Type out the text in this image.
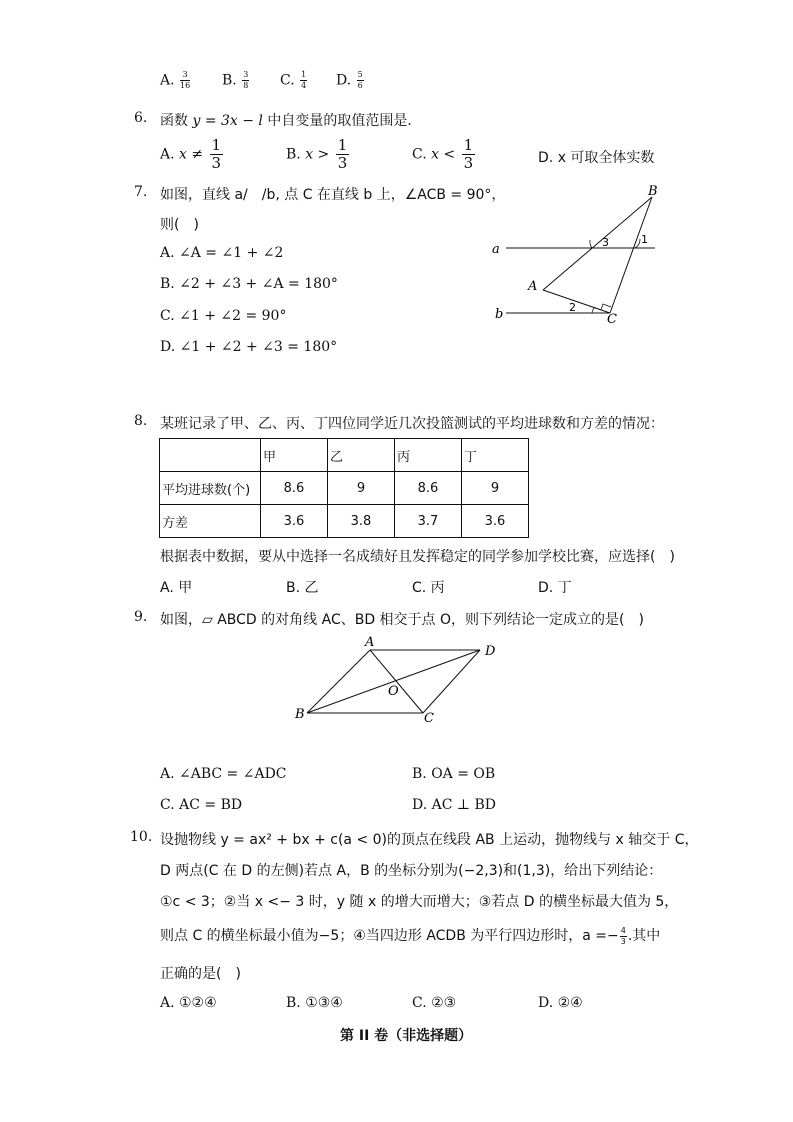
A. $\frac{3}{16} B$. $\frac{3}{8} C$. $\frac{1}{4} D$. $\frac{5}{6}$
6. 函数 y = 3x − l 中自变量的取值范围是．
A. $x \ne \frac{1}{3}$	B. $x > \frac{1}{3}$	C. $x < \frac{1}{3}$	D. x 可取全体实数
7. 如图，直线 a/　/b, 点 C 在直线 b 上，∠ACB = 90°，
则(　)
A. ∠A = ∠1 + ∠2
B. ∠2 + ∠3 + ∠A = 180°
C. ∠1 + ∠2 = 90°
D. ∠1 + ∠2 + ∠3 = 180°
B
a
b
A
C
1
2
3
8. 某班记录了甲、乙、丙、丁四位同学近几次投篮测试的平均进球数和方差的情况：
	甲	乙	丙	丁
平均进球数(个)	8.6	9	8.6	9
方差	3.6	3.8	3.7	3.6
根据表中数据，要从中选择一名成绩好且发挥稳定的同学参加学校比赛，应选择(　)
A. 甲	B. 乙	C. 丙	D. 丁
9. 如图，▱ ABCD 的对角线 AC、BD 相交于点 O，则下列结论一定成立的是(　)
A
B	C
D
O
A. ∠ABC = ∠ADC	B. OA = OB
C. AC = BD	D. AC ⊥ BD
10. 设抛物线 y = ax² + bx + c(a < 0)的顶点在线段 AB 上运动，抛物线与 x 轴交于 C，
D 两点(C 在 D 的左侧)若点 A，B 的坐标分别为(−2,3)和(1,3)，给出下列结论：
①c < 3；②当 x <− 3 时，y 随 x 的增大而增大；③若点 D 的横坐标最大值为 5，
则点 C 的横坐标最小值为−5；④当四边形 ACDB 为平行四边形时，$a =- \frac{4}{3}$ .其中
正确的是(　)
A. ①②④	B. ①③④	C. ②③	D. ②④
第 II 卷（非选择题）
